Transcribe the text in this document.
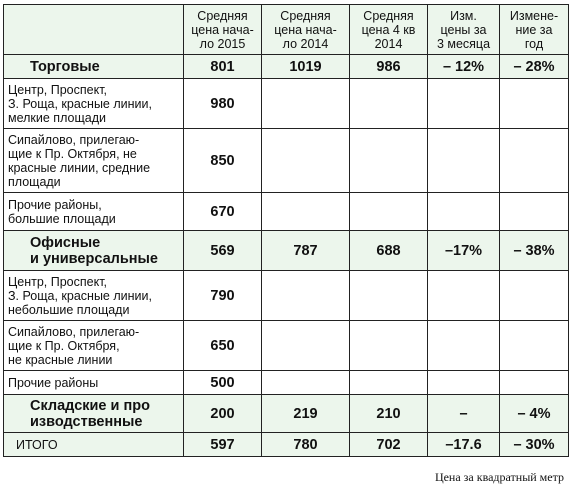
	Средняя
цена нача-
ло 2015	Средняя
цена нача-
ло 2014	Средняя
цена 4 кв
2014	Изм.
цены за
3 месяца	Измене-
ние за
год

Торговые	801	1019	986	– 12%	– 28%
Центр, Проспект,
З. Роща, красные линии,
мелкие площади	980				
Сипайлово, прилегаю-
щие к Пр. Октября, не
красные линии, средние
площади	850				
Прочие районы,
большие площади	670				
Офисные
и универсальные	569	787	688	–17%	– 38%
Центр, Проспект,
З. Роща, красные линии,
небольшие площади	790				
Сипайлово, прилегаю-
щие к Пр. Октября,
не красные линии	650				
Прочие районы	500				
Складские и про
изводственные	200	219	210	–	– 4%
ИТОГО	597	780	702	–17.6	– 30%
Цена за квадратный метр
